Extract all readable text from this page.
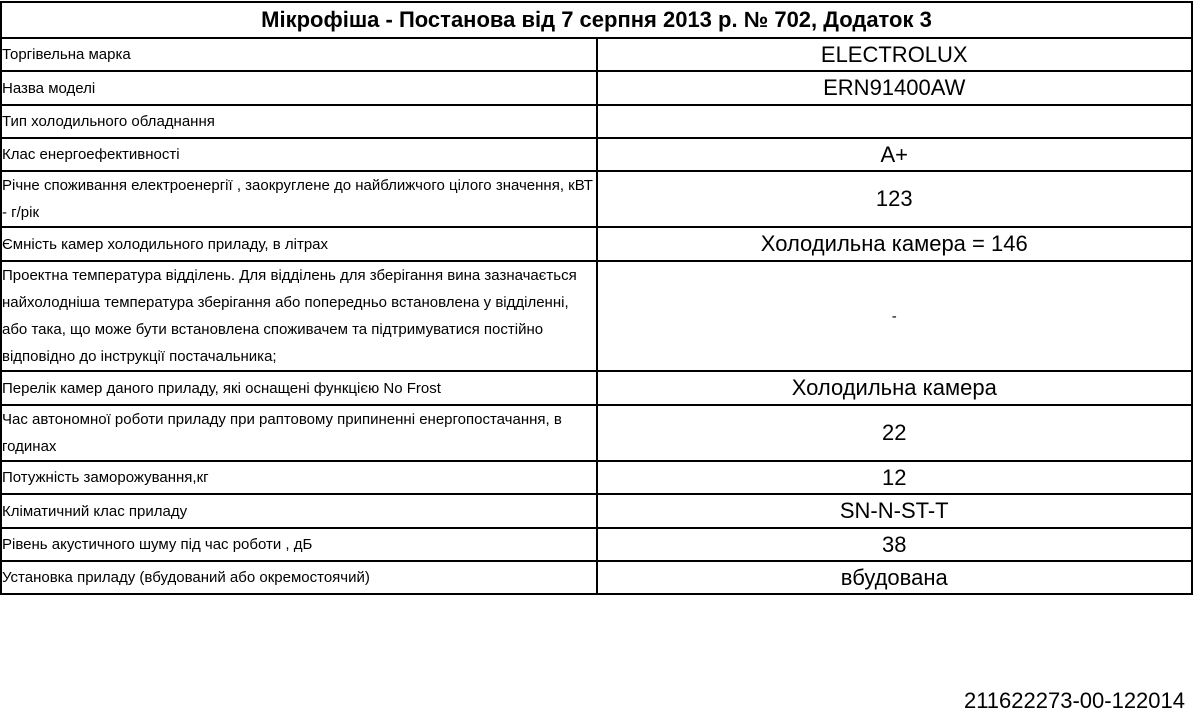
Мікрофіша - Постанова від 7 серпня 2013 р. № 702, Додаток 3	
Торгівельна марка	ELECTROLUX
Назва моделі	ERN91400AW
Тип холодильного обладнання	
Клас енергоефективності	A+
Річне споживання електроенергії , заокруглене до найближчого цілого значення, кВТ - г/рік	123
Ємність камер холодильного приладу, в літрах	Холодильна камера = 146
Проектна температура відділень. Для відділень для зберігання вина зазначається найхолодніша температура зберігання або попередньо встановлена у відділенні, або така, що може бути встановлена споживачем та підтримуватися постійно відповідно до інструкції постачальника;	-
Перелік камер даного приладу, які оснащені функцією No Frost	Холодильна камера
Час автономної роботи приладу при раптовому припиненні енергопостачання, в годинах	22
Потужність заморожування,кг	12
Кліматичний клас приладу	SN-N-ST-T
Рівень акустичного шуму під час роботи , дБ	38
Установка приладу (вбудований або окремостоячий)	вбудована
211622273-00-122014
